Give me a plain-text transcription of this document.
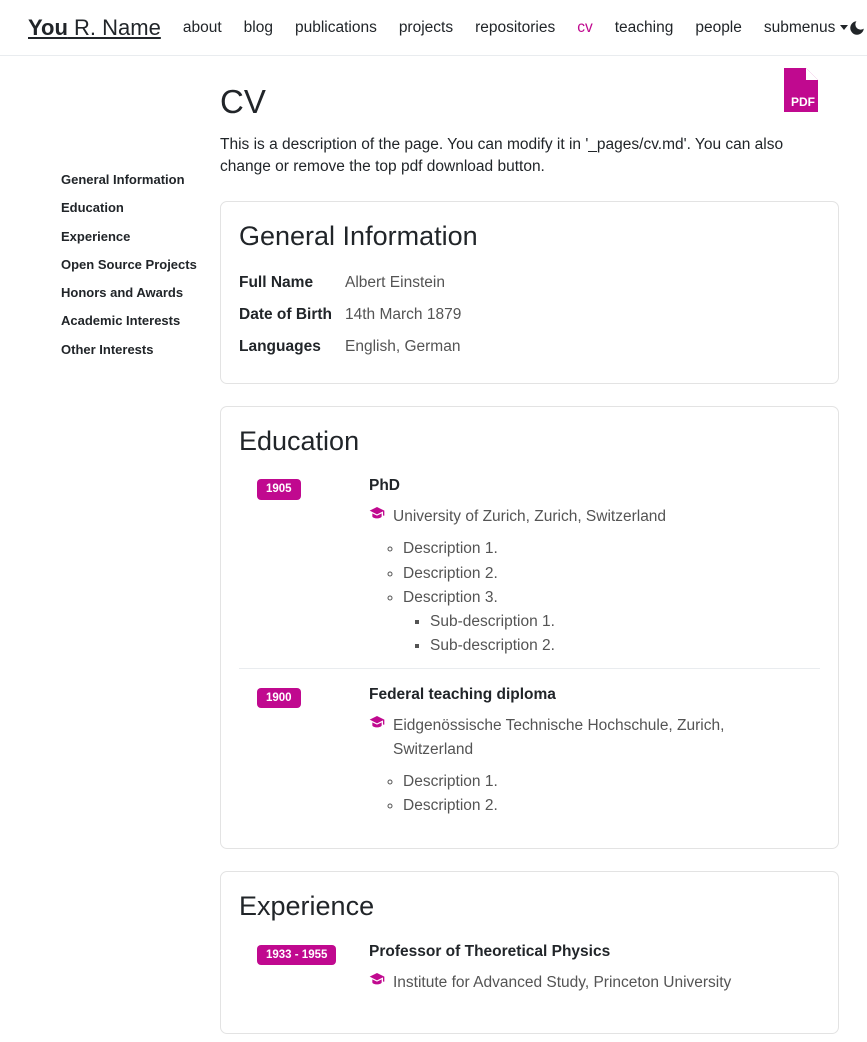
You R. Name about blog publications projects repositories cv teaching people submenus
General Information
Education
Experience
Open Source Projects
Honors and Awards
Academic Interests
Other Interests
CV

This is a description of the page. You can modify it in '_pages/cv.md'. You can also change or remove the top pdf download button.

PDF
General Information
Full Name	Albert Einstein
Date of Birth 14th March 1879
Languages	English, German
Education
1905	PhD
University of Zurich, Zurich, Switzerland
◦ Description 1.
◦ Description 2.
◦ Description 3.
▪ Sub-description 1.
▪ Sub-description 2.
1900	Federal teaching diploma
Eidgenössische Technische Hochschule, Zurich, Switzerland
◦ Description 1.
◦ Description 2.
Experience
1933 - 1955	Professor of Theoretical Physics
Institute for Advanced Study, Princeton University
